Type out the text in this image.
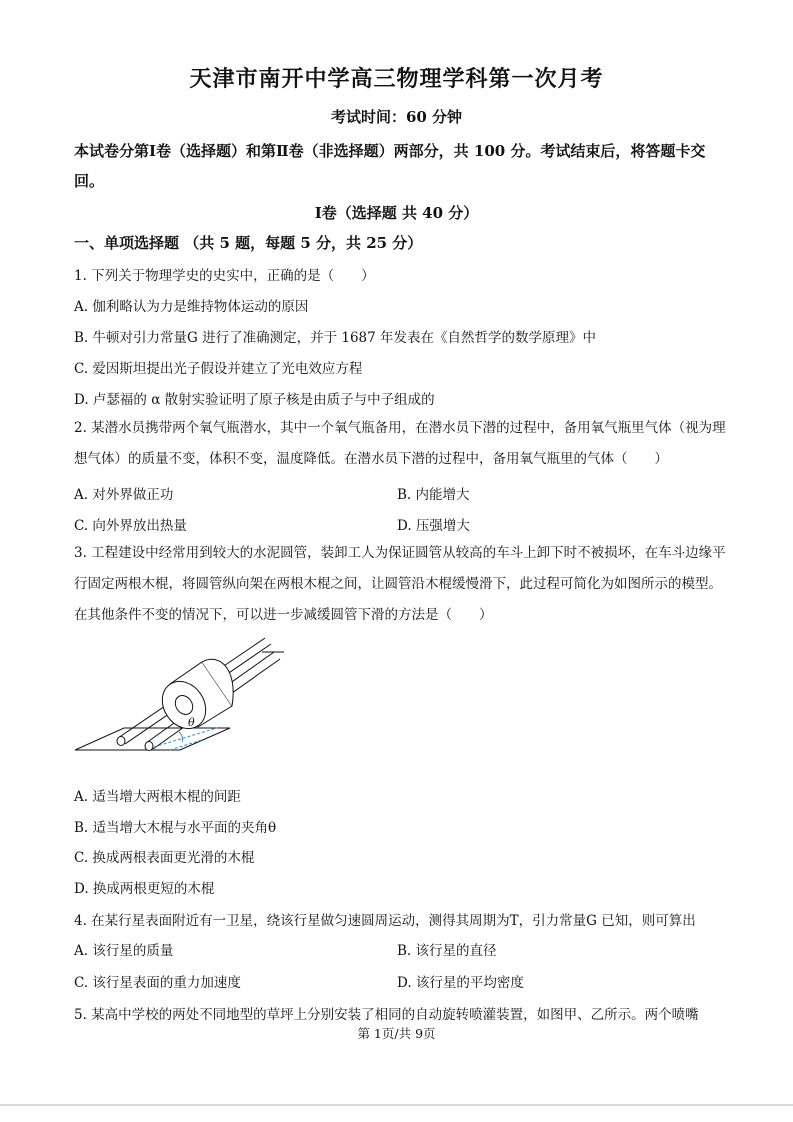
天津市南开中学高三物理学科第一次月考
考试时间：60 分钟
本试卷分第Ⅰ卷（选择题）和第Ⅱ卷（非选择题）两部分，共 100 分。考试结束后，将答题卡交回。
Ⅰ卷（选择题 共 40 分）
一、单项选择题 （共 5 题，每题 5 分，共 25 分）
1. 下列关于物理学史的史实中，正确的是（　　）
A. 伽利略认为力是维持物体运动的原因
B. 牛顿对引力常量G 进行了准确测定，并于 1687 年发表在《自然哲学的数学原理》中
C. 爱因斯坦提出光子假设并建立了光电效应方程
D. 卢瑟福的 α 散射实验证明了原子核是由质子与中子组成的
2. 某潜水员携带两个氧气瓶潜水，其中一个氧气瓶备用，在潜水员下潜的过程中，备用氧气瓶里气体（视为理想气体）的质量不变，体积不变，温度降低。在潜水员下潜的过程中，备用氧气瓶里的气体（　　）
A. 对外界做正功	B. 内能增大
C. 向外界放出热量	D. 压强增大
3. 工程建设中经常用到较大的水泥圆管，装卸工人为保证圆管从较高的车斗上卸下时不被损坏，在车斗边缘平行固定两根木棍，将圆管纵向架在两根木棍之间，让圆管沿木棍缓慢滑下，此过程可简化为如图所示的模型。在其他条件不变的情况下，可以进一步减缓圆管下滑的方法是（　　）
θ
A. 适当增大两根木棍的间距
B. 适当增大木棍与水平面的夹角θ
C. 换成两根表面更光滑的木棍
D. 换成两根更短的木棍
4. 在某行星表面附近有一卫星，绕该行星做匀速圆周运动，测得其周期为T，引力常量G 已知，则可算出
A. 该行星的质量	B. 该行星的直径
C. 该行星表面的重力加速度	D. 该行星的平均密度
5. 某高中学校的两处不同地型的草坪上分别安装了相同的自动旋转喷灌装置，如图甲、乙所示。两个喷嘴
第 1页/共 9页
